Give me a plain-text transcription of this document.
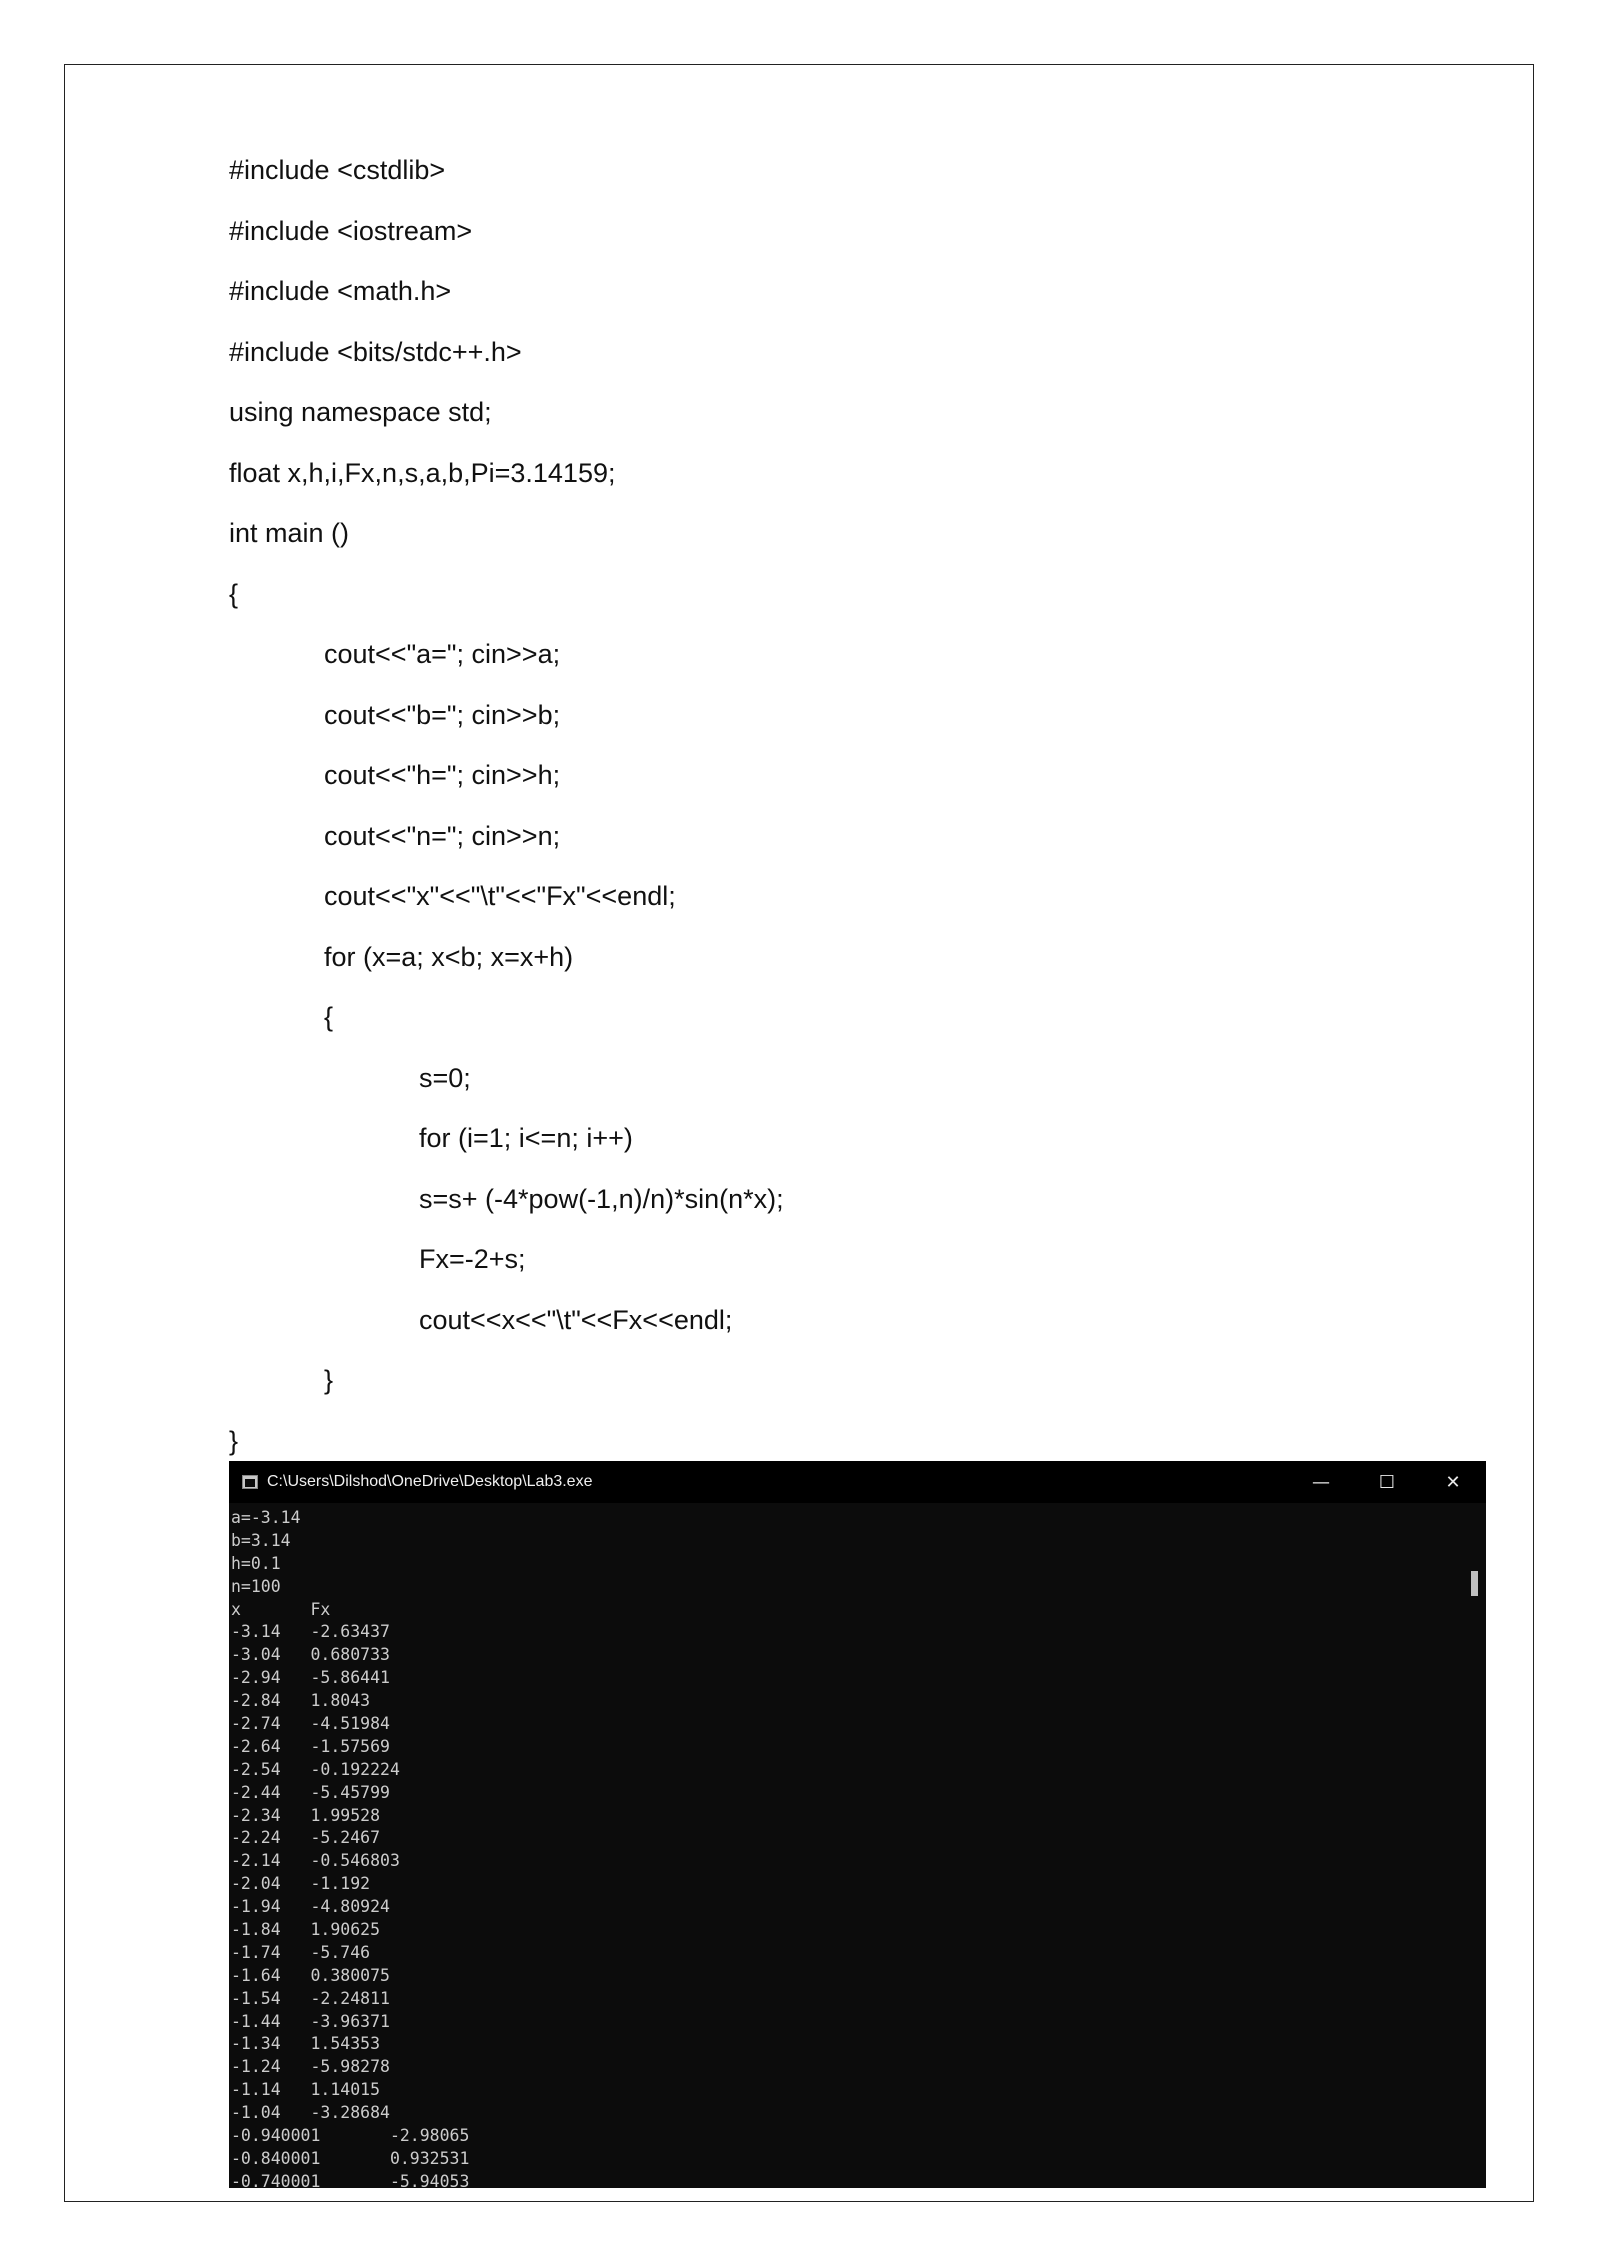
#include <cstdlib>
#include <iostream>
#include <math.h>
#include <bits/stdc++.h>
using namespace std;
float x,h,i,Fx,n,s,a,b,Pi=3.14159;
int main ()
{
cout<<"a="; cin>>a;
cout<<"b="; cin>>b;
cout<<"h="; cin>>h;
cout<<"n="; cin>>n;
cout<<"x"<<"\t"<<"Fx"<<endl;
for (x=a; x<b; x=x+h)
{
s=0;
for (i=1; i<=n; i++)
s=s+ (-4*pow(-1,n)/n)*sin(n*x);
Fx=-2+s;
cout<<x<<"\t"<<Fx<<endl;
}
}
C:\Users\Dilshod\OneDrive\Desktop\Lab3.exe	—	☐	✕
a=-3.14
b=3.14
h=0.1
n=100
x       Fx
-3.14   -2.63437
-3.04   0.680733
-2.94   -5.86441
-2.84   1.8043
-2.74   -4.51984
-2.64   -1.57569
-2.54   -0.192224
-2.44   -5.45799
-2.34   1.99528
-2.24   -5.2467
-2.14   -0.546803
-2.04   -1.192
-1.94   -4.80924
-1.84   1.90625
-1.74   -5.746
-1.64   0.380075
-1.54   -2.24811
-1.44   -3.96371
-1.34   1.54353
-1.24   -5.98278
-1.14   1.14015
-1.04   -3.28684
-0.940001       -2.98065
-0.840001       0.932531
-0.740001       -5.94053
